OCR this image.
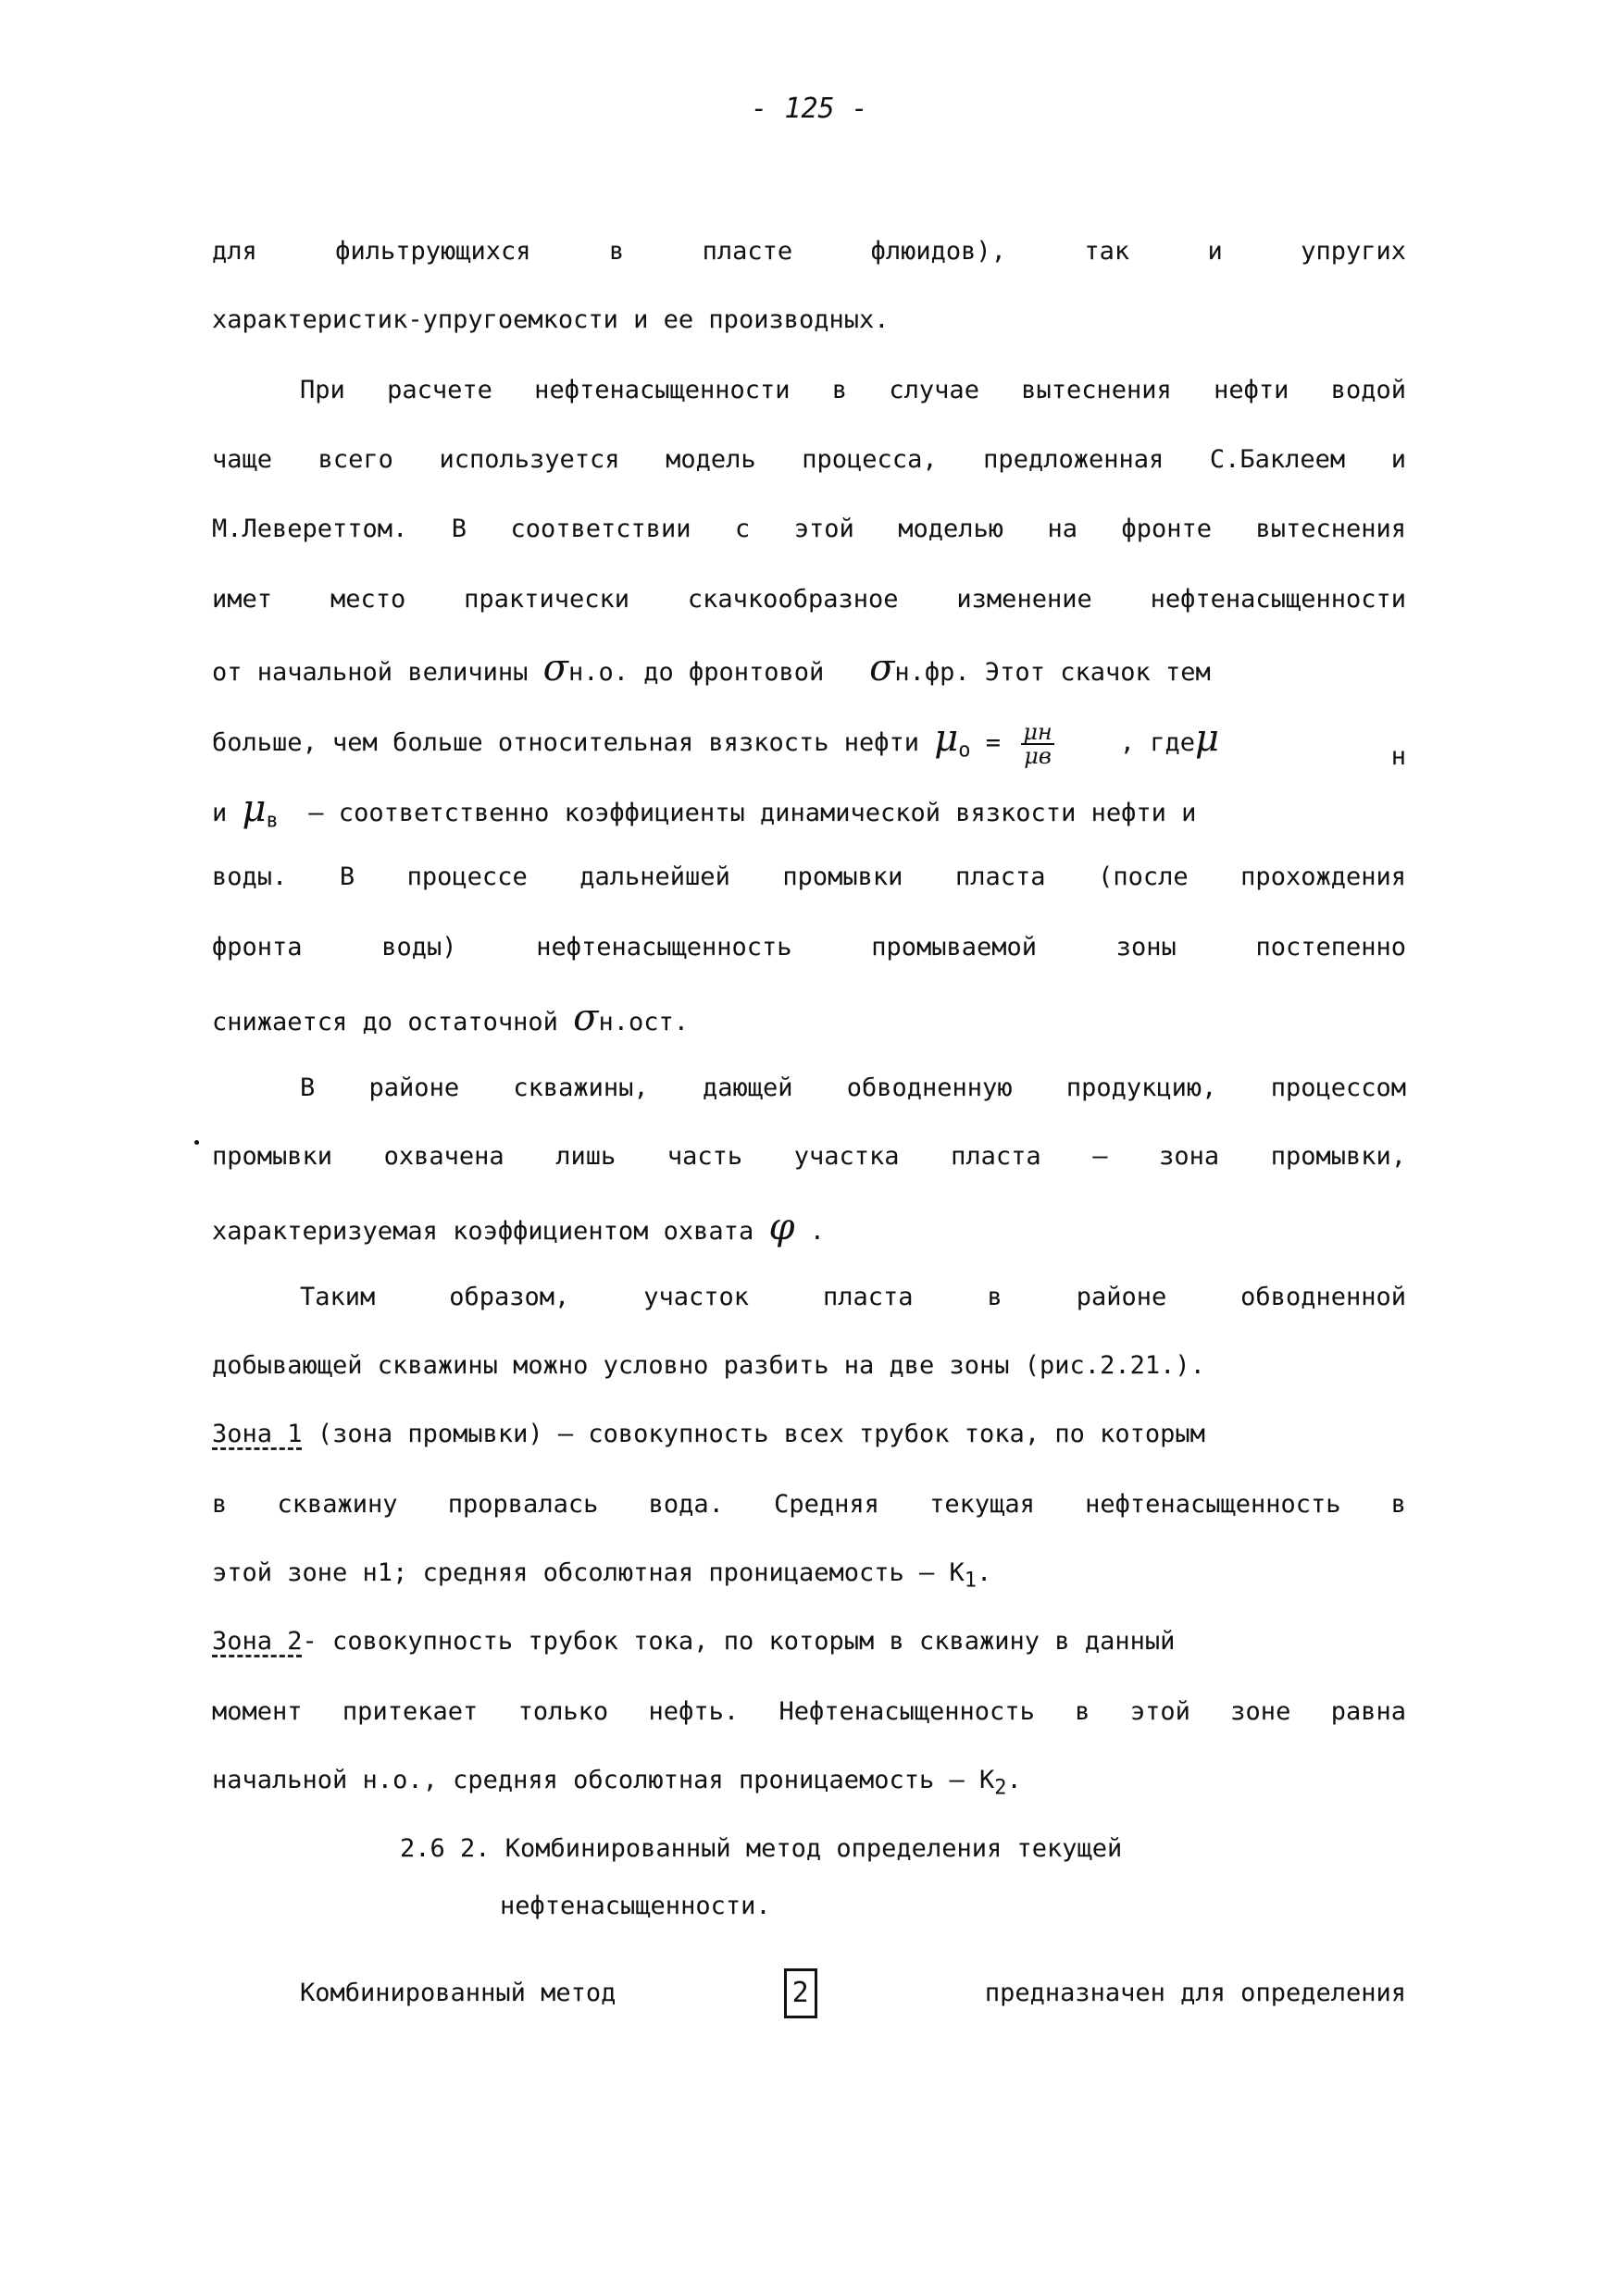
- 125 -
для фильтрующихся в пласте флюидов), так и упругих
характеристик-упругоемкости и ее производных.
При расчете нефтенасыщенности в случае вытеснения нефти водой
чаще всего используется модель процесса, предложенная С.Баклеем и
М.Левереттом. В соответствии с этой моделью на фронте вытеснения
имет место практически скачкообразное изменение нефтенасыщенности
от начальной величины σн.о. до фронтовой σн.фр. Этот скачок тем
больше, чем больше относительная вязкость нефти $\mu_о = \frac{\mu н}{\mu в}$	, гдеμ	н
и $\mu_в$ – соответственно коэффициенты динамической вязкости нефти и
воды. В процессе дальнейшей промывки пласта (после прохождения
фронта воды) нефтенасыщенность промываемой зоны постепенно
снижается до остаточной σн.ост.
В районе скважины, дающей обводненную продукцию, процессом
промывки охвачена лишь часть участка пласта – зона промывки,
характеризуемая коэффициентом охвата φ .
Таким образом, участок пласта в районе обводненной
добывающей скважины можно условно разбить на две зоны (рис.2.21.).
Зона 1 (зона промывки) – совокупность всех трубок тока, по которым
в скважину прорвалась вода. Средняя текущая нефтенасыщенность в
этой зоне н1; средняя обсолютная проницаемость – $К_1$.
Зона 2- совокупность трубок тока, по которым в скважину в данный
момент притекает только нефть. Нефтенасыщенность в этой зоне равна
начальной н.о., средняя обсолютная проницаемость – $К_2$.
2.6 2. Комбинированный метод определения текущей
нефтенасыщенности.
Комбинированный метод	2	предназначен для определения
